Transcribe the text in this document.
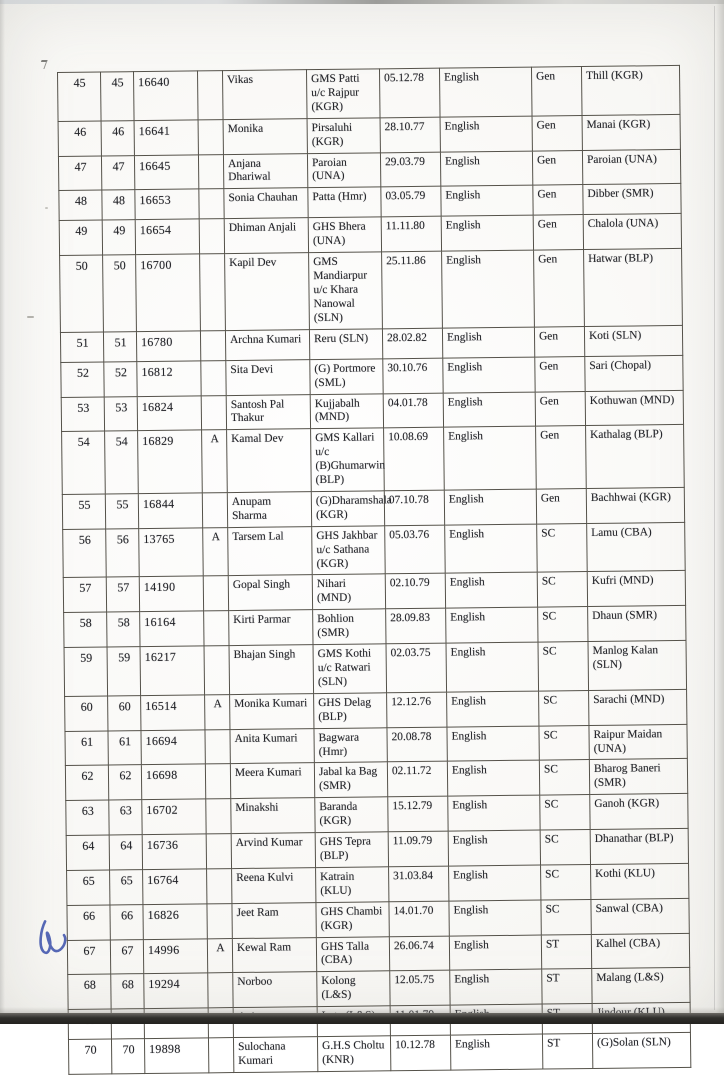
45	45	16640		Vikas	GMS Patti u/c Rajpur (KGR)	05.12.78	English	Gen	Thill (KGR)
46	46	16641		Monika	Pirsaluhi (KGR)	28.10.77	English	Gen	Manai (KGR)
47	47	16645		Anjana Dhariwal	Paroian (UNA)	29.03.79	English	Gen	Paroian (UNA)
48	48	16653		Sonia Chauhan	Patta (Hmr)	03.05.79	English	Gen	Dibber (SMR)
49	49	16654		Dhiman Anjali	GHS Bhera (UNA)	11.11.80	English	Gen	Chalola (UNA)
50	50	16700		Kapil Dev	GMS Mandiarpur u/c Khara Nanowal (SLN)	25.11.86	English	Gen	Hatwar (BLP)
51	51	16780		Archna Kumari	Reru (SLN)	28.02.82	English	Gen	Koti (SLN)
52	52	16812		Sita Devi	(G) Portmore (SML)	30.10.76	English	Gen	Sari (Chopal)
53	53	16824		Santosh Pal Thakur	Kujjabalh (MND)	04.01.78	English	Gen	Kothuwan (MND)
54	54	16829	A	Kamal Dev	GMS Kallari u/c (B)Ghumarwin (BLP)	10.08.69	English	Gen	Kathalag (BLP)
55	55	16844		Anupam Sharma	(G)Dharamshala (KGR)	07.10.78	English	Gen	Bachhwai (KGR)
56	56	13765	A	Tarsem Lal	GHS Jakhbar u/c Sathana (KGR)	05.03.76	English	SC	Lamu (CBA)
57	57	14190		Gopal Singh	Nihari (MND)	02.10.79	English	SC	Kufri (MND)
58	58	16164		Kirti Parmar	Bohlion (SMR)	28.09.83	English	SC	Dhaun (SMR)
59	59	16217		Bhajan Singh	GMS Kothi u/c Ratwari (SLN)	02.03.75	English	SC	Manlog Kalan (SLN)
60	60	16514	A	Monika Kumari	GHS Delag (BLP)	12.12.76	English	SC	Sarachi (MND)
61	61	16694		Anita Kumari	Bagwara (Hmr)	20.08.78	English	SC	Raipur Maidan (UNA)
62	62	16698		Meera Kumari	Jabal ka Bag (SMR)	02.11.72	English	SC	Bharog Baneri (SMR)
63	63	16702		Minakshi	Baranda (KGR)	15.12.79	English	SC	Ganoh (KGR)
64	64	16736		Arvind Kumar	GHS Tepra (BLP)	11.09.79	English	SC	Dhanathar (BLP)
65	65	16764		Reena Kulvi	Katrain (KLU)	31.03.84	English	SC	Kothi (KLU)
66	66	16826		Jeet Ram	GHS Chambi (KGR)	14.01.70	English	SC	Sanwal (CBA)
67	67	14996	A	Kewal Ram	GHS Talla (CBA)	26.06.74	English	ST	Kalhel (CBA)
68	68	19294		Norboo	Kolong (L&S)	12.05.75	English	ST	Malang (L&S)

70	70	19898		Sulochana Kumari	G.H.S Choltu (KNR)	10.12.78	English	ST	(G)Solan (SLN)
